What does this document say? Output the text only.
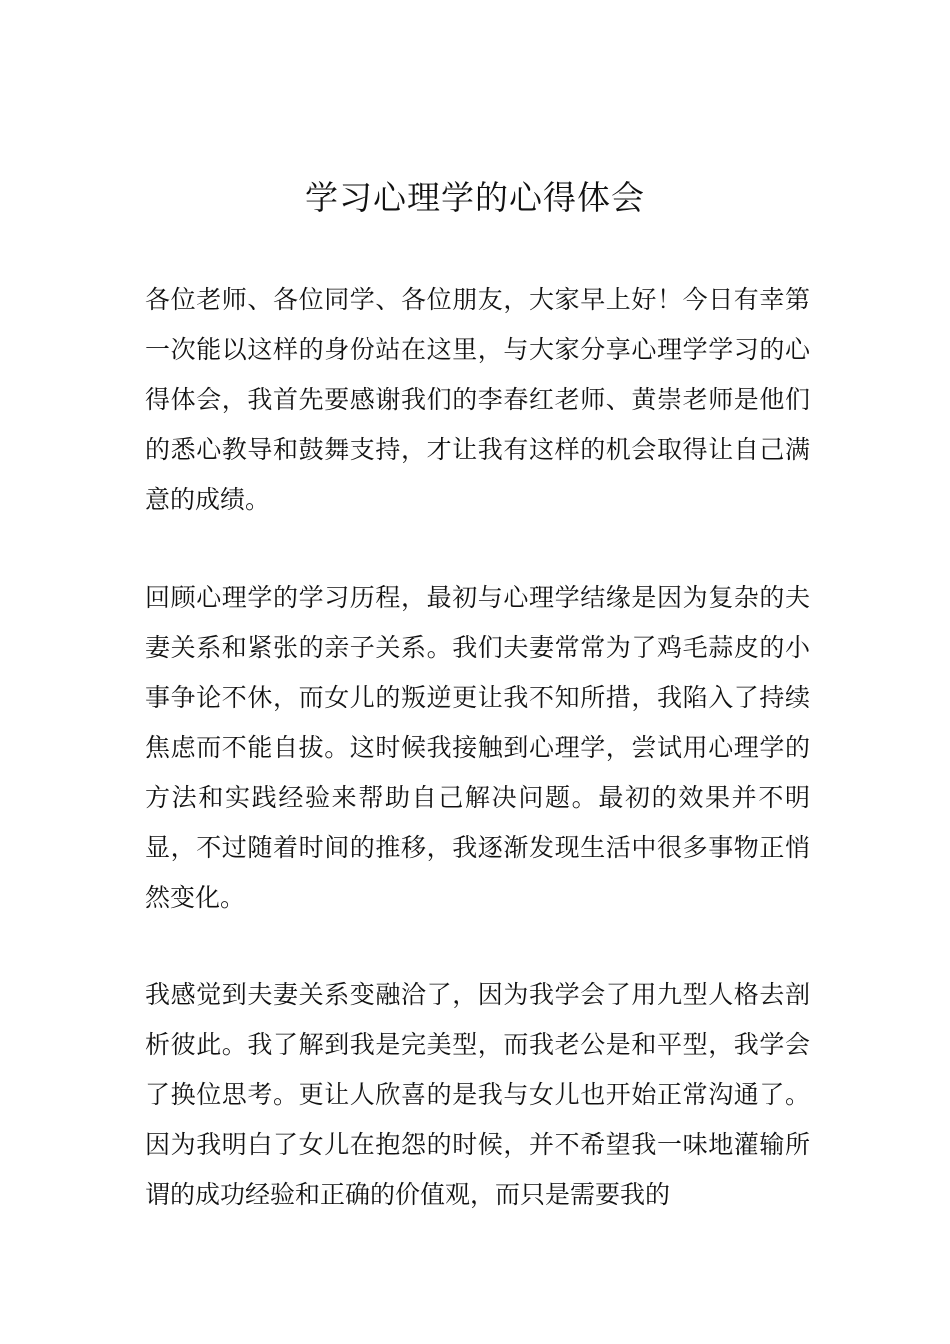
学习心理学的心得体会

各位老师、各位同学、各位朋友，大家早上好！今日有幸第一次能以这样的身份站在这里，与大家分享心理学学习的心得体会，我首先要感谢我们的李春红老师、黄崇老师是他们的悉心教导和鼓舞支持，才让我有这样的机会取得让自己满意的成绩。

回顾心理学的学习历程，最初与心理学结缘是因为复杂的夫妻关系和紧张的亲子关系。我们夫妻常常为了鸡毛蒜皮的小事争论不休，而女儿的叛逆更让我不知所措，我陷入了持续焦虑而不能自拔。这时候我接触到心理学，尝试用心理学的方法和实践经验来帮助自己解决问题。最初的效果并不明显，不过随着时间的推移，我逐渐发现生活中很多事物正悄然变化。

我感觉到夫妻关系变融洽了，因为我学会了用九型人格去剖析彼此。我了解到我是完美型，而我老公是和平型，我学会了换位思考。更让人欣喜的是我与女儿也开始正常沟通了。因为我明白了女儿在抱怨的时候，并不希望我一味地灌输所谓的成功经验和正确的价值观，而只是需要我的
